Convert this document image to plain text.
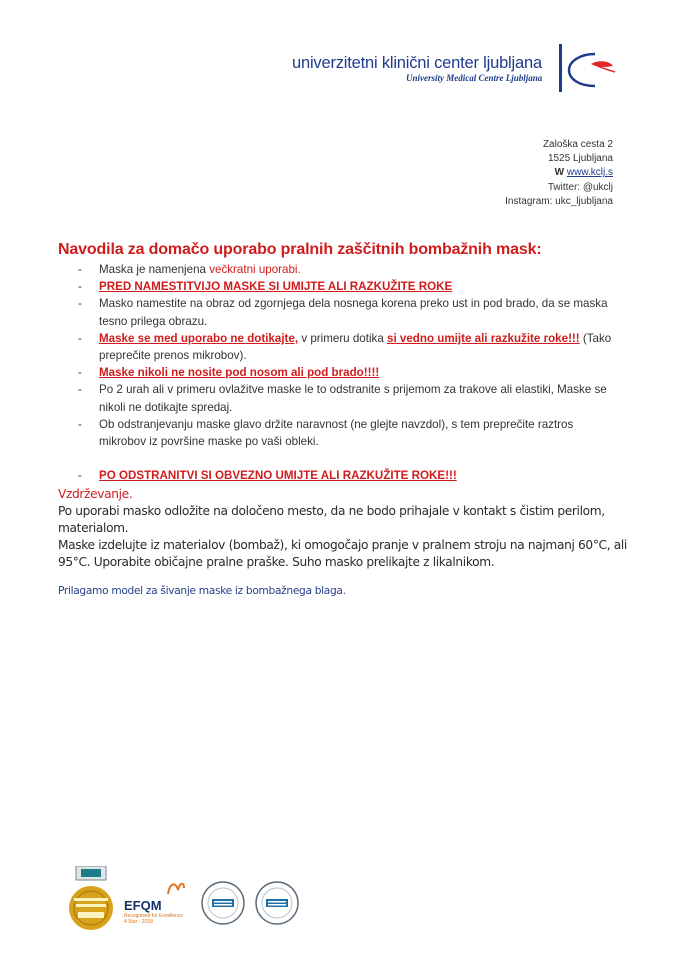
univerzitetni klinični center ljubljana
University Medical Centre Ljubljana
Zaloška cesta 2
1525 Ljubljana
W www.kclj.s
Twitter: @ukclj
Instagram: ukc_ljubljana
Navodila za domačo uporabo pralnih zaščitnih bombažnih mask:
- Maska je namenjena večkratni uporabi.
- PRED NAMESTITVIJO MASKE SI UMIJTE ALI RAZKUŽITE ROKE
- Masko namestite na obraz od zgornjega dela nosnega korena preko ust in pod brado, da se maska tesno prilega obrazu.
- Maske se med uporabo ne dotikajte, v primeru dotika si vedno umijte ali razkužite roke!!! (Tako preprečite prenos mikrobov).
- Maske nikoli ne nosite pod nosom ali pod brado!!!!
- Po 2 urah ali v primeru ovlažitve maske le to odstranite s prijemom za trakove ali elastiki, Maske se nikoli ne dotikajte spredaj.
- Ob odstranjevanju maske glavo držite naravnost (ne glejte navzdol), s tem preprečite raztros mikrobov iz površine maske po vaši obleki.
- PO ODSTRANITVI SI OBVEZNO UMIJTE ALI RAZKUŽITE ROKE!!!
Vzdrževanje.
Po uporabi masko odložite na določeno mesto, da ne bodo prihajale v kontakt s čistim perilom, materialom.
Maske izdelujte iz materialov (bombaž), ki omogočajo pranje v pralnem stroju na najmanj 60°C, ali 95°C. Uporabite običajne pralne praške. Suho masko prelikajte z likalnikom.
Prilagamo model za šivanje maske iz bombažnega blaga.
EFQM
Recognised for Excellence
4 Star - 2018
